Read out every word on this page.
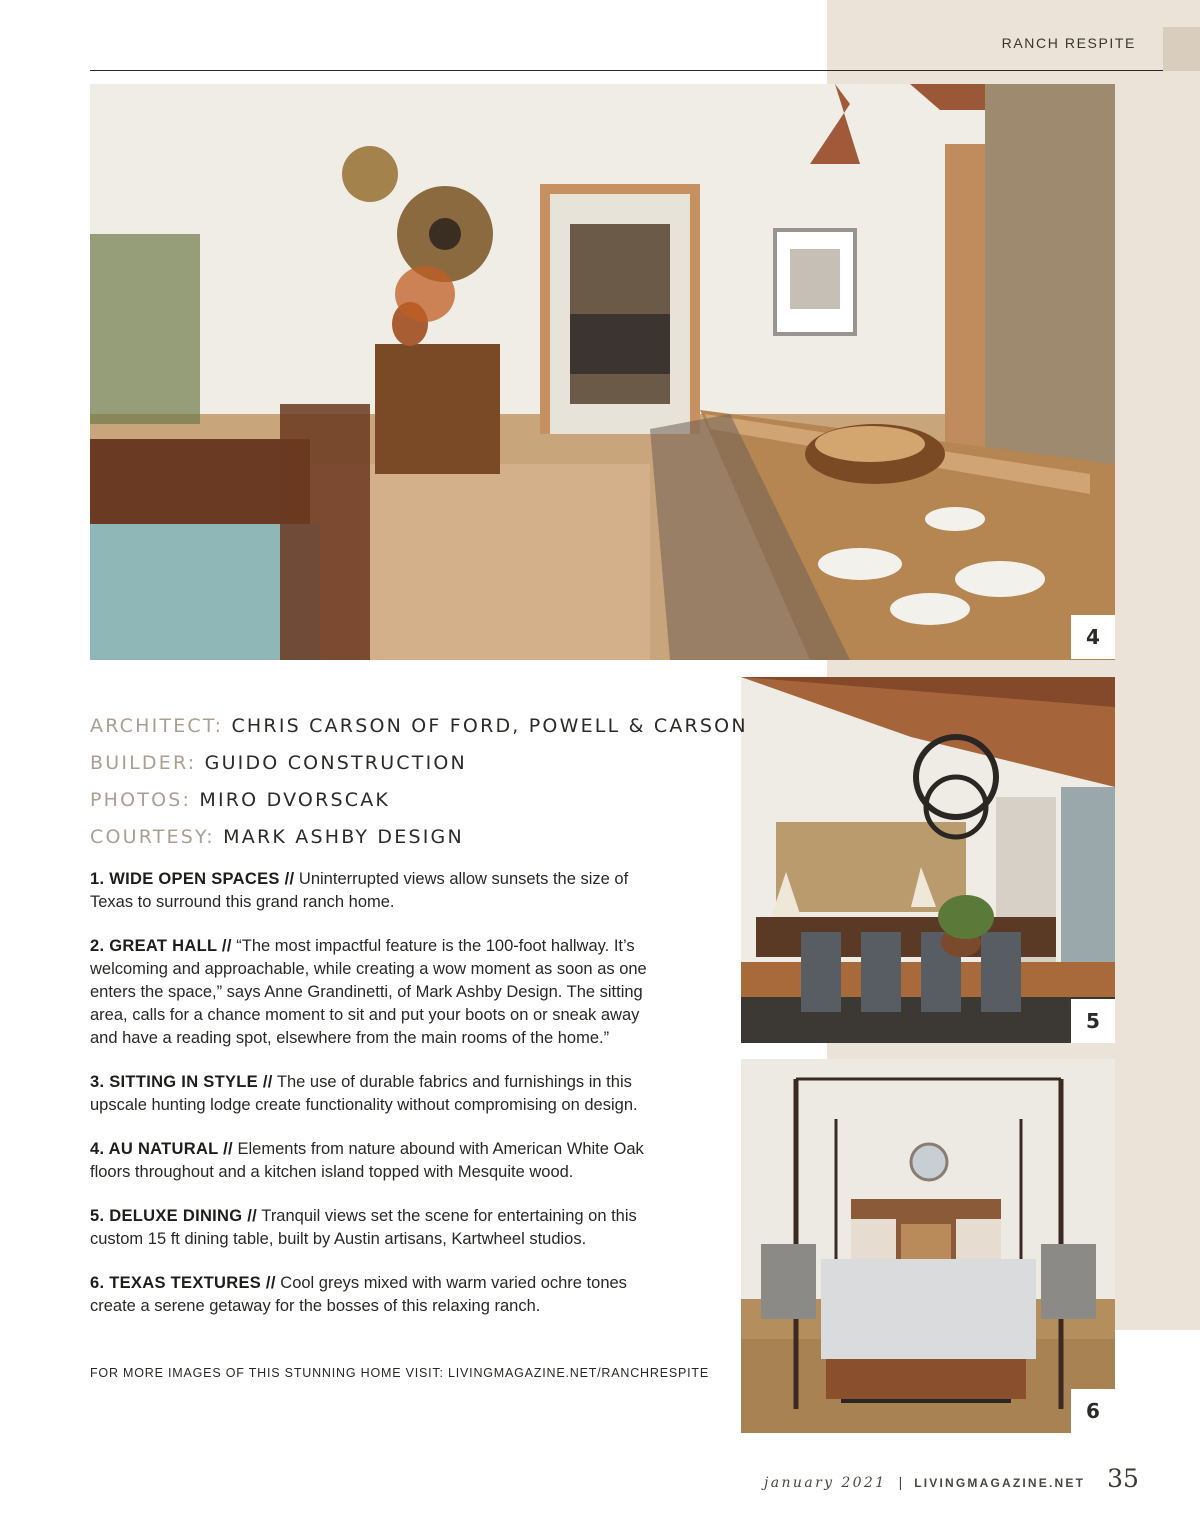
RANCH RESPITE
4
5
6
ARCHITECT: CHRIS CARSON OF FORD, POWELL & CARSON
BUILDER: GUIDO CONSTRUCTION
PHOTOS: MIRO DVORSCAK
COURTESY: MARK ASHBY DESIGN

1. WIDE OPEN SPACES // Uninterrupted views allow sunsets the size of Texas to surround this grand ranch home.

2. GREAT HALL // “The most impactful feature is the 100-foot hallway. It’s welcoming and approachable, while creating a wow moment as soon as one enters the space,” says Anne Grandinetti, of Mark Ashby Design. The sitting area, calls for a chance moment to sit and put your boots on or sneak away and have a reading spot, elsewhere from the main rooms of the home.”

3. SITTING IN STYLE // The use of durable fabrics and furnishings in this upscale hunting lodge create functionality without compromising on design.

4. AU NATURAL // Elements from nature abound with American White Oak floors throughout and a kitchen island topped with Mesquite wood.

5. DELUXE DINING // Tranquil views set the scene for entertaining on this custom 15 ft dining table, built by Austin artisans, Kartwheel studios.

6. TEXAS TEXTURES // Cool greys mixed with warm varied ochre tones create a serene getaway for the bosses of this relaxing ranch.

FOR MORE IMAGES OF THIS STUNNING HOME VISIT: LIVINGMAGAZINE.NET/RANCHRESPITE
january 2021 | LIVINGMAGAZINE.NET 35
